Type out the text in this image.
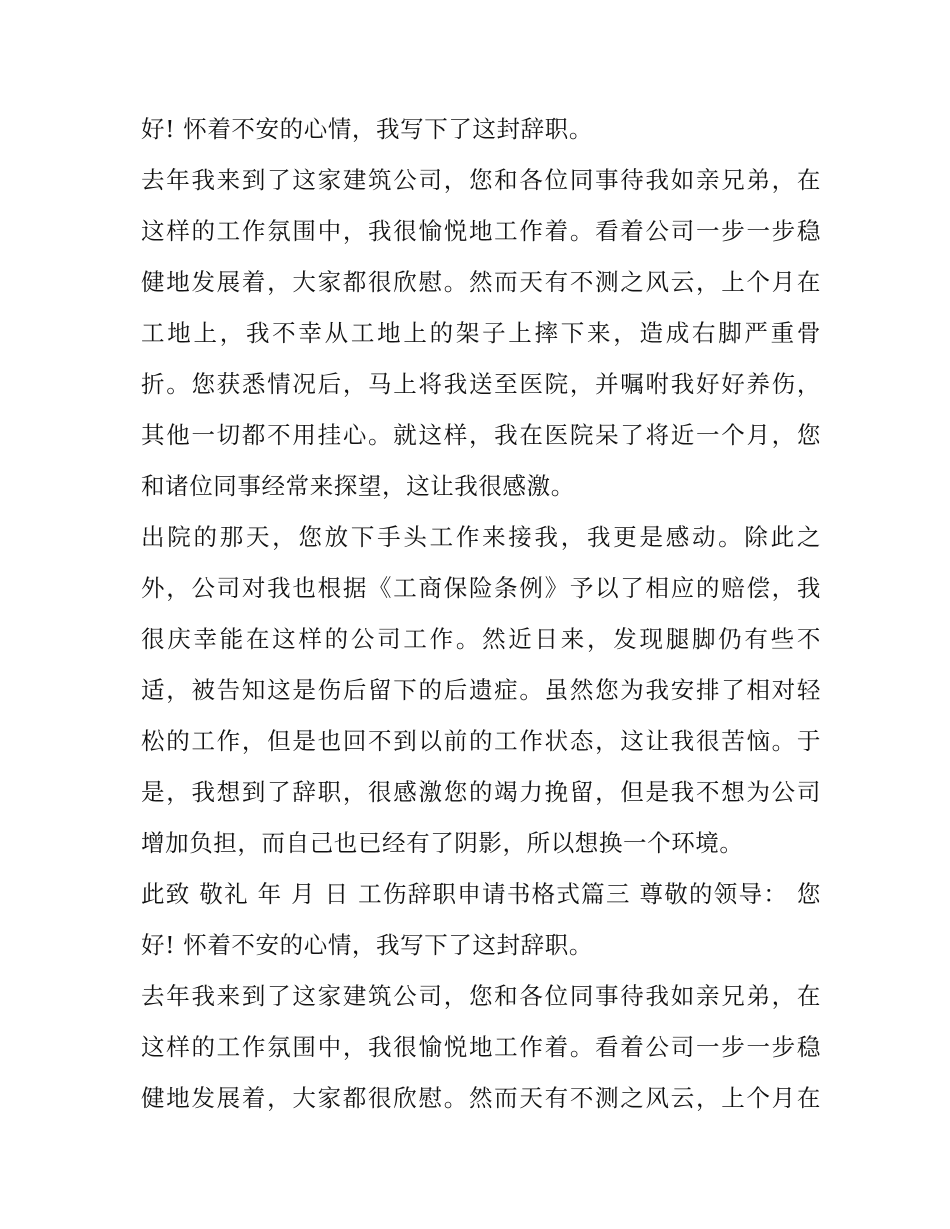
好! 怀着不安的心情，我写下了这封辞职。

去年我来到了这家建筑公司，您和各位同事待我如亲兄弟，在

这样的工作氛围中，我很愉悦地工作着。看着公司一步一步稳

健地发展着，大家都很欣慰。然而天有不测之风云，上个月在

工地上，我不幸从工地上的架子上摔下来，造成右脚严重骨

折。您获悉情况后，马上将我送至医院，并嘱咐我好好养伤，

其他一切都不用挂心。就这样，我在医院呆了将近一个月，您

和诸位同事经常来探望，这让我很感激。

出院的那天，您放下手头工作来接我，我更是感动。除此之

外，公司对我也根据《工商保险条例》予以了相应的赔偿，我

很庆幸能在这样的公司工作。然近日来，发现腿脚仍有些不

适，被告知这是伤后留下的后遗症。虽然您为我安排了相对轻

松的工作，但是也回不到以前的工作状态，这让我很苦恼。于

是，我想到了辞职，很感激您的竭力挽留，但是我不想为公司

增加负担，而自己也已经有了阴影，所以想换一个环境。

此致 敬礼 年 月 日 工伤辞职申请书格式篇三 尊敬的领导： 您

好! 怀着不安的心情，我写下了这封辞职。

去年我来到了这家建筑公司，您和各位同事待我如亲兄弟，在

这样的工作氛围中，我很愉悦地工作着。看着公司一步一步稳

健地发展着，大家都很欣慰。然而天有不测之风云，上个月在
